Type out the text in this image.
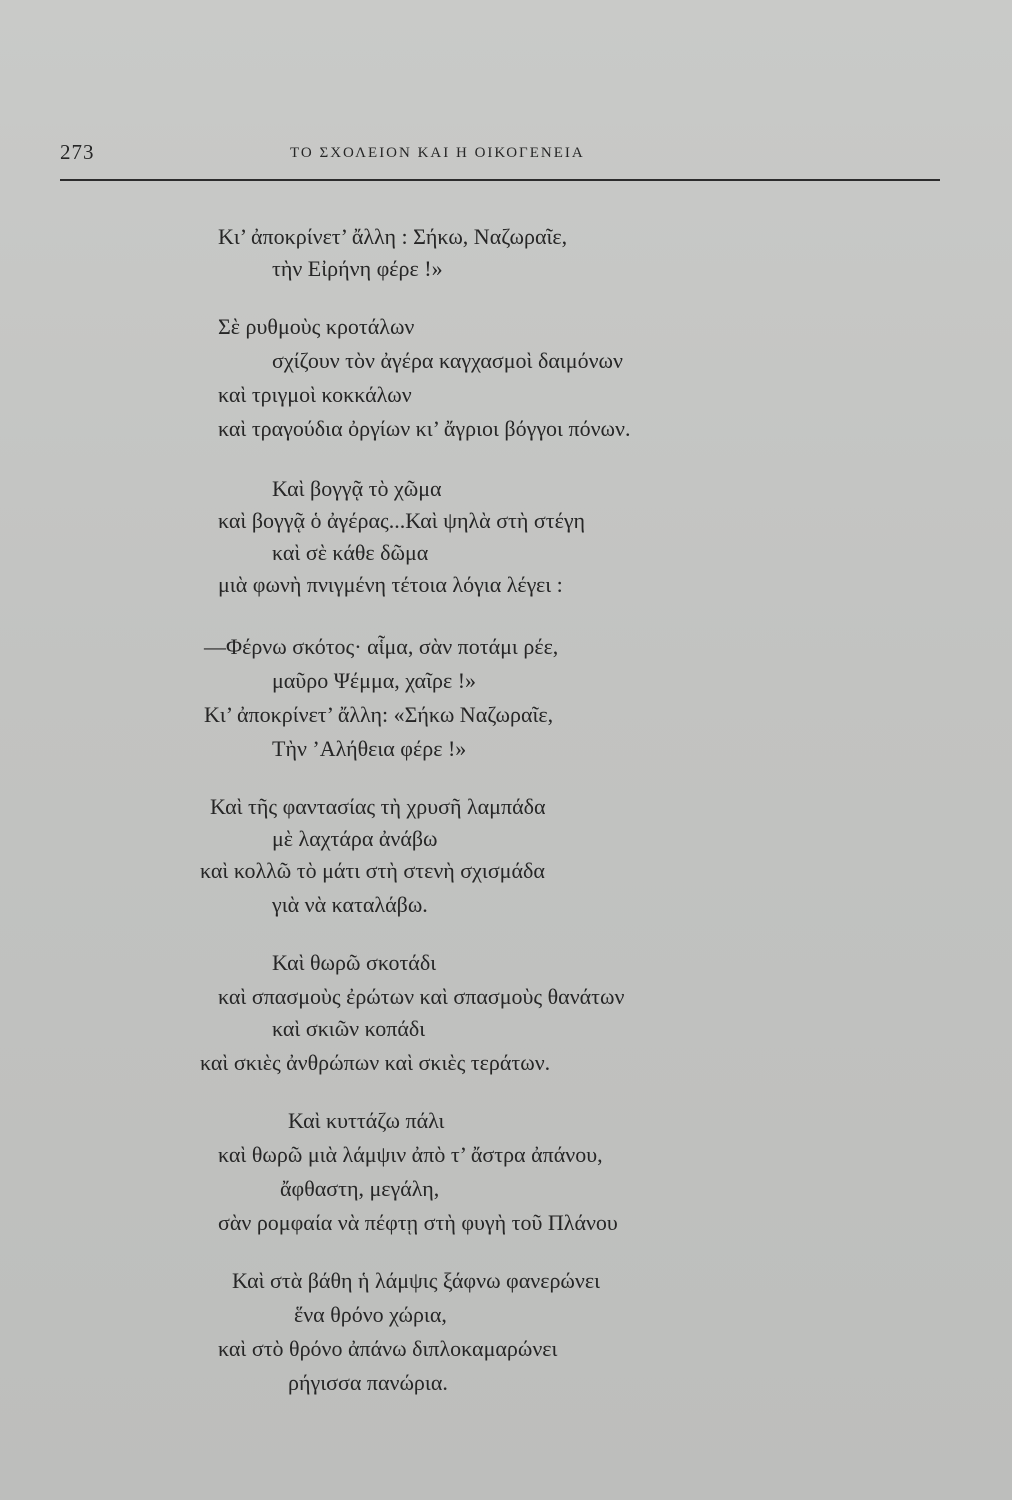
273	ΤΟ ΣΧΟΛΕΙΟΝ ΚΑΙ Η ΟΙΚΟΓΕΝΕΙΑ
Κι’ ἀποκρίνετ’ ἄλλη : Σήκω, Ναζωραῖε,
τὴν Εἰρήνη φέρε !»
Σὲ ρυθμοὺς κροτάλων
σχίζουν τὸν ἀγέρα καγχασμοὶ δαιμόνων
καὶ τριγμοὶ κοκκάλων
καὶ τραγούδια ὀργίων κι’ ἄγριοι βόγγοι πόνων.
Καὶ βογγᾷ τὸ χῶμα
καὶ βογγᾷ ὁ ἀγέρας...Καὶ ψηλὰ στὴ στέγη
καὶ σὲ κάθε δῶμα
μιὰ φωνὴ πνιγμένη τέτοια λόγια λέγει :
—Φέρνω σκότος· αἷμα, σὰν ποτάμι ρέε,
μαῦρο Ψέμμα, χαῖρε !»
Κι’ ἀποκρίνετ’ ἄλλη: «Σήκω Ναζωραῖε,
Τὴν ’Αλήθεια φέρε !»
Καὶ τῆς φαντασίας τὴ χρυσῆ λαμπάδα
μὲ λαχτάρα ἀνάβω
καὶ κολλῶ τὸ μάτι στὴ στενὴ σχισμάδα
γιὰ νὰ καταλάβω.
Καὶ θωρῶ σκοτάδι
καὶ σπασμοὺς ἐρώτων καὶ σπασμοὺς θανάτων
καὶ σκιῶν κοπάδι
καὶ σκιὲς ἀνθρώπων καὶ σκιὲς τεράτων.
Καὶ κυττάζω πάλι
καὶ θωρῶ μιὰ λάμψιν ἀπὸ τ’ ἄστρα ἀπάνου,
ἄφθαστη, μεγάλη,
σὰν ρομφαία νὰ πέφτῃ στὴ φυγὴ τοῦ Πλάνου
Καὶ στὰ βάθη ἡ λάμψις ξάφνω φανερώνει
ἕνα θρόνο χώρια,
καὶ στὸ θρόνο ἀπάνω διπλοκαμαρώνει
ρήγισσα πανώρια.
